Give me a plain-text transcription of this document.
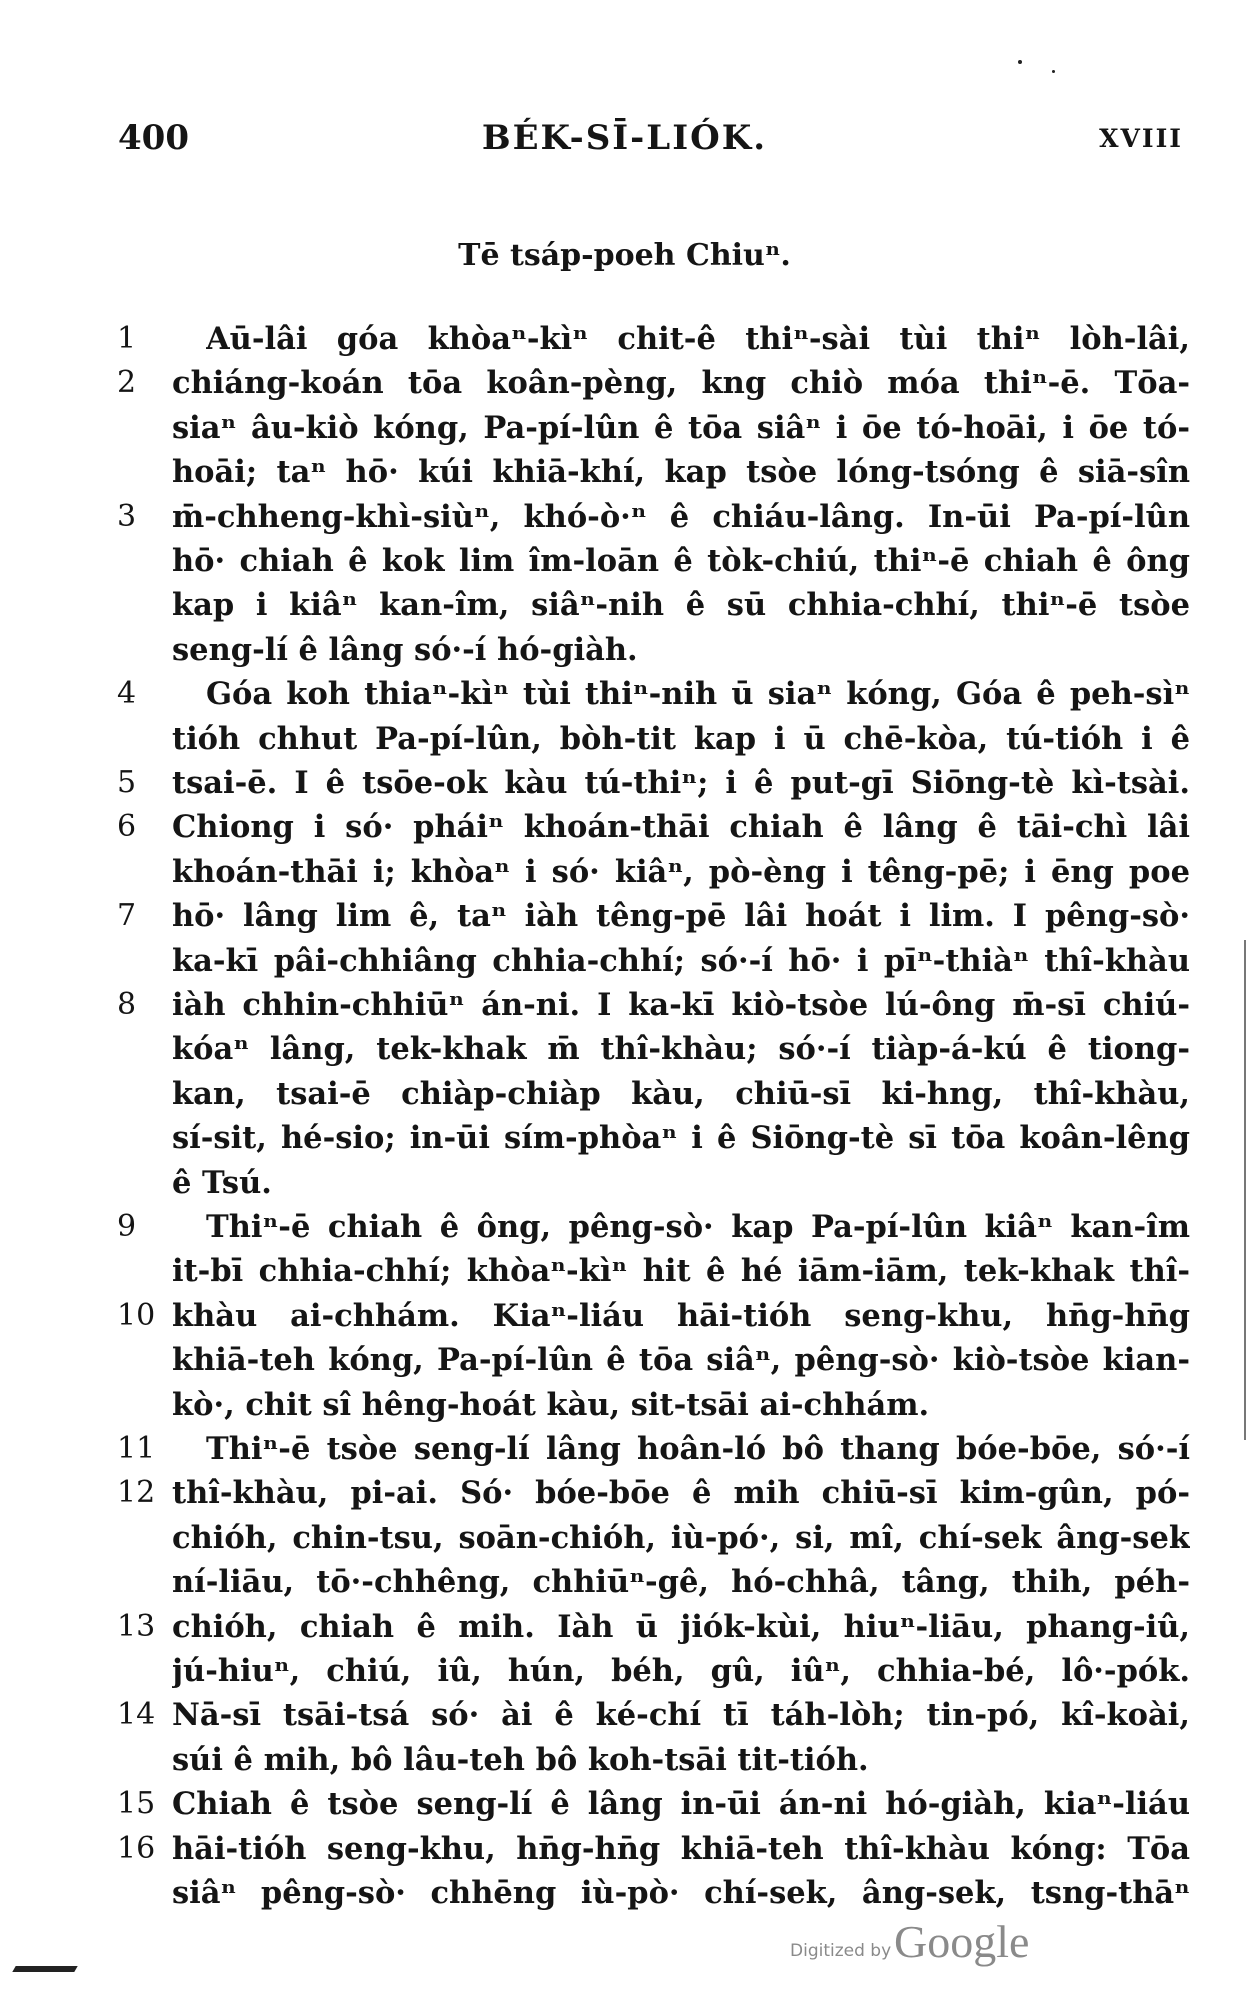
400	BÉK-SĪ-LIÓK.	XVIII
Tē tsáp-poeh Chiuⁿ.
1 Aū-lâi góa khòaⁿ-kìⁿ chit-ê thiⁿ-sài tùi thiⁿ lòh-lâi,
2 chiáng-koán tōa koân-pèng, kng chiò móa thiⁿ-ē. Tōa-
siaⁿ âu-kiò kóng, Pa-pí-lûn ê tōa siâⁿ i ōe tó-hoāi, i ōe tó-
hoāi; taⁿ hō· kúi khiā-khí, kap tsòe lóng-tsóng ê siā-sîn
3 m̄-chheng-khì-siùⁿ, khó-ò·ⁿ ê chiáu-lâng. In-ūi Pa-pí-lûn
hō· chiah ê kok lim îm-loān ê tòk-chiú, thiⁿ-ē chiah ê ông
kap i kiâⁿ kan-îm, siâⁿ-nih ê sū chhia-chhí, thiⁿ-ē tsòe
seng-lí ê lâng só·-í hó-giàh.
4 Góa koh thiaⁿ-kìⁿ tùi thiⁿ-nih ū siaⁿ kóng, Góa ê peh-sìⁿ
tióh chhut Pa-pí-lûn, bòh-tit kap i ū chē-kòa, tú-tióh i ê
5 tsai-ē. I ê tsōe-ok kàu tú-thiⁿ; i ê put-gī Siōng-tè kì-tsài.
6 Chiong i só· pháiⁿ khoán-thāi chiah ê lâng ê tāi-chì lâi
khoán-thāi i; khòaⁿ i só· kiâⁿ, pò-èng i têng-pē; i ēng poe
7 hō· lâng lim ê, taⁿ iàh têng-pē lâi hoát i lim. I pêng-sò·
ka-kī pâi-chhiâng chhia-chhí; só·-í hō· i pīⁿ-thiàⁿ thî-khàu
8 iàh chhin-chhiūⁿ án-ni. I ka-kī kiò-tsòe lú-ông m̄-sī chiú-
kóaⁿ lâng, tek-khak m̄ thî-khàu; só·-í tiàp-á-kú ê tiong-
kan, tsai-ē chiàp-chiàp kàu, chiū-sī ki-hng, thî-khàu,
sí-sit, hé-sio; in-ūi sím-phòaⁿ i ê Siōng-tè sī tōa koân-lêng
ê Tsú.
9 Thiⁿ-ē chiah ê ông, pêng-sò· kap Pa-pí-lûn kiâⁿ kan-îm
it-bī chhia-chhí; khòaⁿ-kìⁿ hit ê hé iām-iām, tek-khak thî-
10 khàu ai-chhám. Kiaⁿ-liáu hāi-tióh seng-khu, hn̄g-hn̄g
khiā-teh kóng, Pa-pí-lûn ê tōa siâⁿ, pêng-sò· kiò-tsòe kian-
kò·, chit sî hêng-hoát kàu, sit-tsāi ai-chhám.
11 Thiⁿ-ē tsòe seng-lí lâng hoân-ló bô thang bóe-bōe, só·-í
12 thî-khàu, pi-ai. Só· bóe-bōe ê mih chiū-sī kim-gûn, pó-
chióh, chin-tsu, soān-chióh, iù-pó·, si, mî, chí-sek âng-sek
ní-liāu, tō·-chhêng, chhiūⁿ-gê, hó-chhâ, tâng, thih, péh-
13 chióh, chiah ê mih. Iàh ū jiók-kùi, hiuⁿ-liāu, phang-iû,
jú-hiuⁿ, chiú, iû, hún, béh, gû, iûⁿ, chhia-bé, lô·-pók.
14 Nā-sī tsāi-tsá só· ài ê ké-chí tī táh-lòh; tin-pó, kî-koài,
súi ê mih, bô lâu-teh bô koh-tsāi tit-tióh.
15 Chiah ê tsòe seng-lí ê lâng in-ūi án-ni hó-giàh, kiaⁿ-liáu
16 hāi-tióh seng-khu, hn̄g-hn̄g khiā-teh thî-khàu kóng: Tōa
siâⁿ pêng-sò· chhēng iù-pò· chí-sek, âng-sek, tsng-thāⁿ
Digitized by Google
